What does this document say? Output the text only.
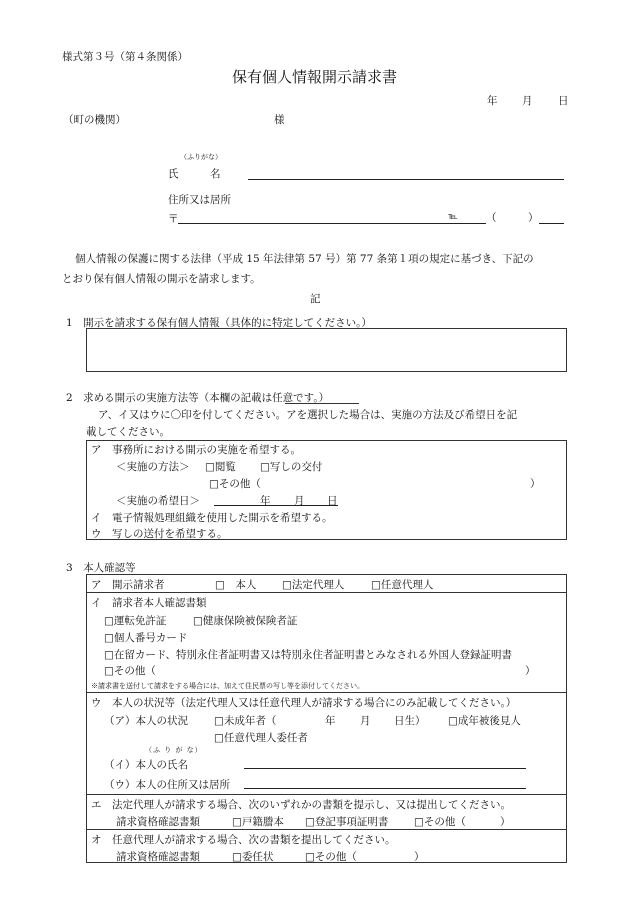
様式第３号（第４条関係）
保有個人情報開示請求書
年 月 日
（町の機関）	様
（ふりがな）
氏　　　名
住所又は居所
〒	℡	（　　　）
個人情報の保護に関する法律（平成 15 年法律第 57 号）第 77 条第１項の規定に基づき、下記の
とおり保有個人情報の開示を請求します。
記
1　開示を請求する保有個人情報（具体的に特定してください。）
2　求める開示の実施方法等（本欄の記載は任意です。）
ア、イ又はウに〇印を付してください。アを選択した場合は、実施の方法及び希望日を記
載してください。
ア　事務所における開示の実施を希望する。
＜実施の方法＞ □閲覧 □写しの交付
□その他（	）
＜実施の希望日＞	年 月 日
イ　電子情報処理組織を使用した開示を希望する。
ウ　写しの送付を希望する。
3　本人確認等
ア　開示請求者	□　本人 □法定代理人	□任意代理人
イ　請求者本人確認書類
□運転免許証	□健康保険被保険者証
□個人番号カード
□在留カード、特別永住者証明書又は特別永住者証明書とみなされる外国人登録証明書
□その他（	）
※請求書を送付して請求をする場合には、加えて住民票の写し等を添付してください。
ウ　本人の状況等（法定代理人又は任意代理人が請求する場合にのみ記載してください。）
（ア）本人の状況 □未成年者（	年 月 日生） □成年被後見人
□任意代理人委任者
（ふ り が な）
（イ）本人の氏名
（ウ）本人の住所又は居所
エ　法定代理人が請求する場合、次のいずれかの書類を提示し、又は提出してください。
請求資格確認書類	□戸籍謄本 □登記事項証明書 □その他（	）
オ　任意代理人が請求する場合、次の書類を提出してください。
請求資格確認書類	□委任状	□その他（	）
